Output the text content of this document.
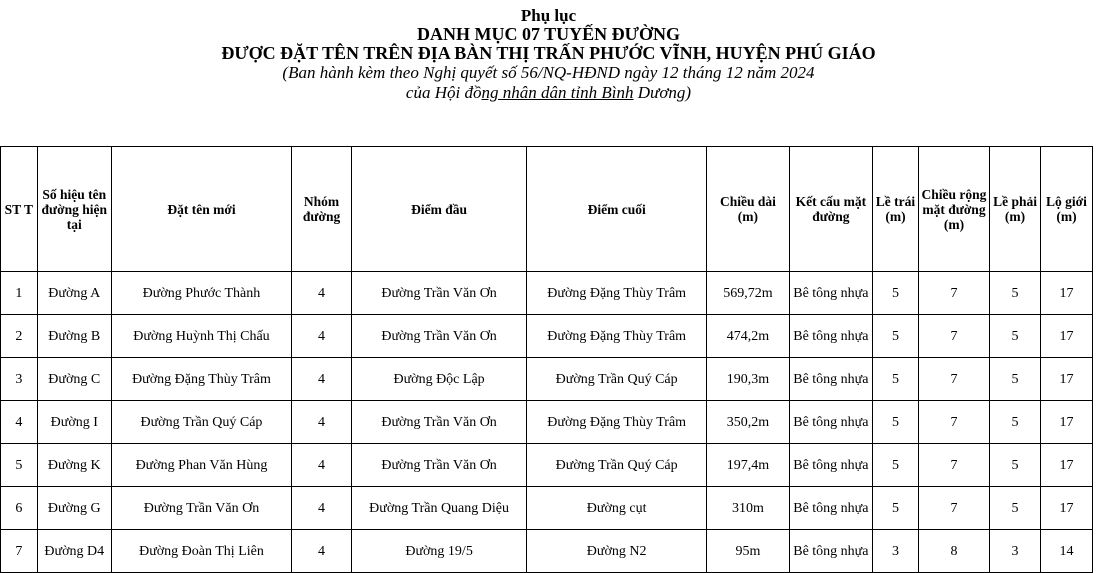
Phụ lục
DANH MỤC 07 TUYẾN ĐƯỜNG
ĐƯỢC ĐẶT TÊN TRÊN ĐỊA BÀN THỊ TRẤN PHƯỚC VĨNH, HUYỆN PHÚ GIÁO
(Ban hành kèm theo Nghị quyết số 56/NQ-HĐND ngày 12 tháng 12 năm 2024
của Hội đồng nhân dân tỉnh Bình Dương)
ST T	Số hiệu tên đường hiện tại	Đặt tên mới	Nhóm đường	Điểm đầu	Điểm cuối	Chiều dài (m)	Kết cấu mặt đường	Lề trái (m)	Chiều rộng mặt đường (m)	Lề phải (m)	Lộ giới (m)
1	Đường A	Đường Phước Thành	4	Đường Trần Văn Ơn	Đường Đặng Thùy Trâm	569,72m	Bê tông nhựa	5	7	5	17
2	Đường B	Đường Huỳnh Thị Chấu	4	Đường Trần Văn Ơn	Đường Đặng Thùy Trâm	474,2m	Bê tông nhựa	5	7	5	17
3	Đường C	Đường Đặng Thùy Trâm	4	Đường Độc Lập	Đường Trần Quý Cáp	190,3m	Bê tông nhựa	5	7	5	17
4	Đường I	Đường Trần Quý Cáp	4	Đường Trần Văn Ơn	Đường Đặng Thùy Trâm	350,2m	Bê tông nhựa	5	7	5	17
5	Đường K	Đường Phan Văn Hùng	4	Đường Trần Văn Ơn	Đường Trần Quý Cáp	197,4m	Bê tông nhựa	5	7	5	17
6	Đường G	Đường Trần Văn Ơn	4	Đường Trần Quang Diệu	Đường cụt	310m	Bê tông nhựa	5	7	5	17
7	Đường D4	Đường Đoàn Thị Liên	4	Đường 19/5	Đường N2	95m	Bê tông nhựa	3	8	3	14
